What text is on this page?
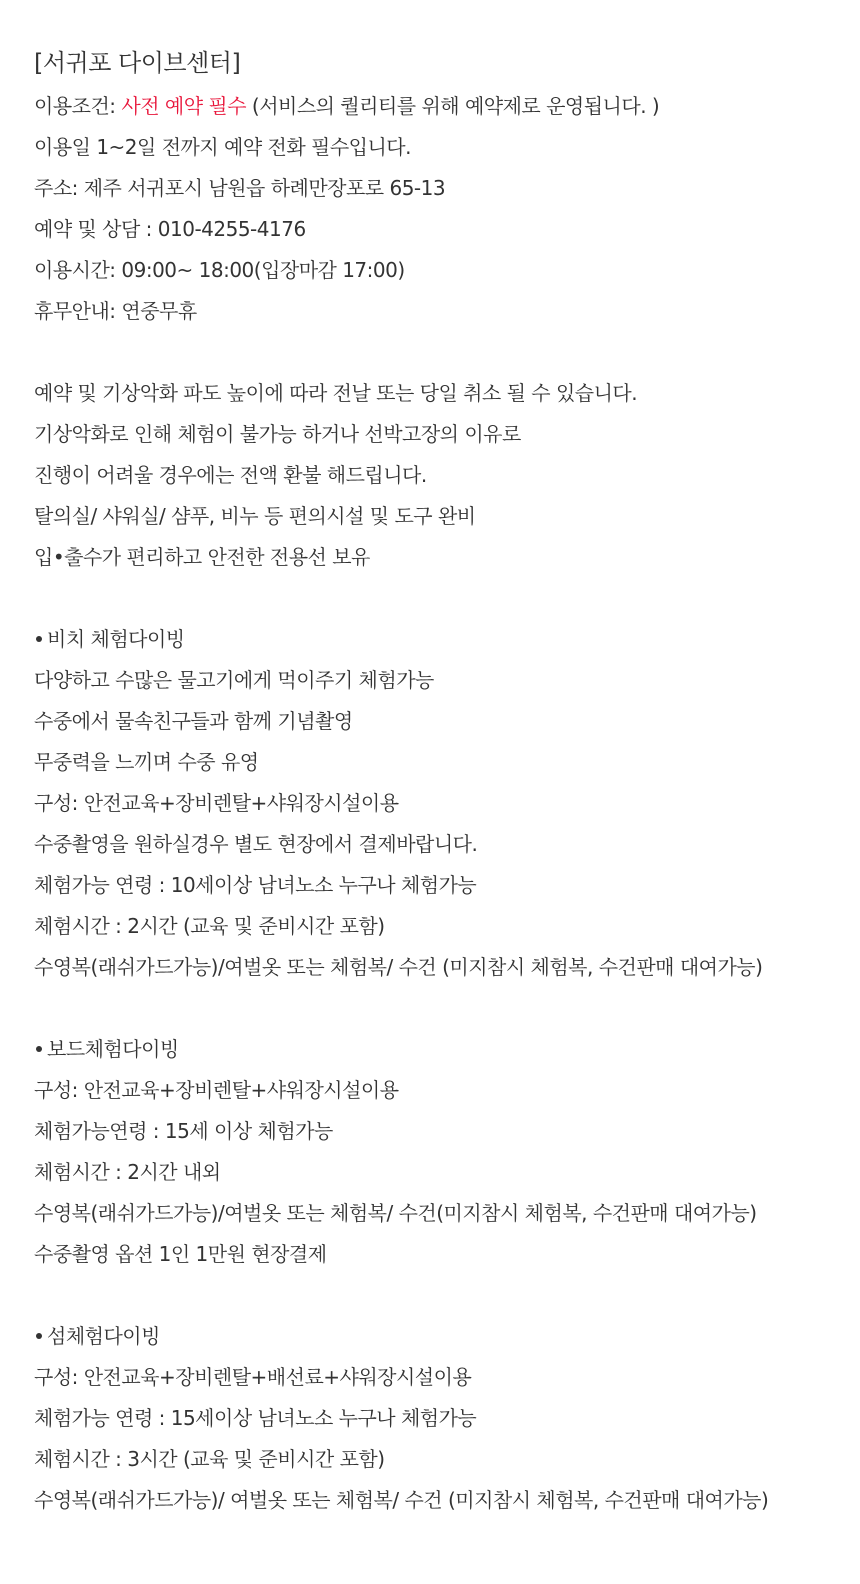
[서귀포 다이브센터]
이용조건: 사전 예약 필수 (서비스의 퀄리티를 위해 예약제로 운영됩니다. )
이용일 1~2일 전까지 예약 전화 필수입니다.
주소: 제주 서귀포시 남원읍 하례만장포로 65-13
예약 및 상담 : 010-4255-4176
이용시간: 09:00~ 18:00(입장마감 17:00)
휴무안내: 연중무휴
예약 및 기상악화 파도 높이에 따라 전날 또는 당일 취소 될 수 있습니다.
기상악화로 인해 체험이 불가능 하거나 선박고장의 이유로
진행이 어려울 경우에는 전액 환불 해드립니다.
탈의실/ 샤워실/ 샴푸, 비누 등 편의시설 및 도구 완비
입•출수가 편리하고 안전한 전용선 보유
비치 체험다이빙
다양하고 수많은 물고기에게 먹이주기 체험가능
수중에서 물속친구들과 함께 기념촬영
무중력을 느끼며 수중 유영
구성: 안전교육+장비렌탈+샤워장시설이용
수중촬영을 원하실경우 별도 현장에서 결제바랍니다.
체험가능 연령 : 10세이상 남녀노소 누구나 체험가능
체험시간 : 2시간 (교육 및 준비시간 포함)
수영복(래쉬가드가능)/여벌옷 또는 체험복/ 수건 (미지참시 체험복, 수건판매 대여가능)
보드체험다이빙
구성: 안전교육+장비렌탈+샤워장시설이용
체험가능연령 : 15세 이상 체험가능
체험시간 : 2시간 내외
수영복(래쉬가드가능)/여벌옷 또는 체험복/ 수건(미지참시 체험복, 수건판매 대여가능)
수중촬영 옵션 1인 1만원 현장결제
섬체험다이빙
구성: 안전교육+장비렌탈+배선료+샤워장시설이용
체험가능 연령 : 15세이상 남녀노소 누구나 체험가능
체험시간 : 3시간 (교육 및 준비시간 포함)
수영복(래쉬가드가능)/ 여벌옷 또는 체험복/ 수건 (미지참시 체험복, 수건판매 대여가능)
